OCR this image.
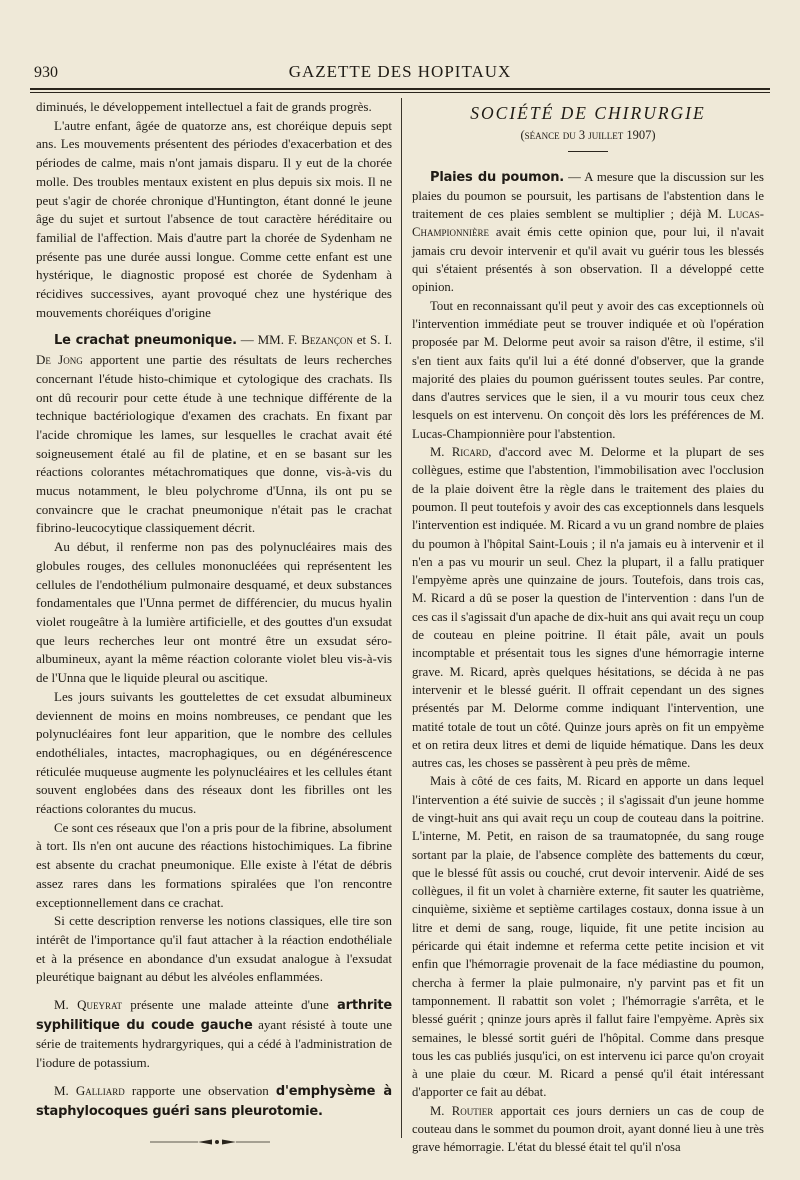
930	GAZETTE DES HOPITAUX

diminués, le développement intellectuel a fait de grands progrès.

L'autre enfant, âgée de quatorze ans, est choréique depuis sept ans. Les mouvements présentent des périodes d'exacerbation et des périodes de calme, mais n'ont jamais disparu. Il y eut de la chorée molle. Des troubles mentaux existent en plus depuis six mois. Il ne peut s'agir de chorée chronique d'Huntington, étant donné le jeune âge du sujet et surtout l'absence de tout caractère héréditaire ou familial de l'affection. Mais d'autre part la chorée de Sydenham ne présente pas une durée aussi longue. Comme cette enfant est une hystérique, le diagnostic proposé est chorée de Sydenham à récidives successives, ayant provoqué chez une hystérique des mouvements choréiques d'origine

Le crachat pneumonique. — MM. F. Bezançon et S. I. De Jong apportent une partie des résultats de leurs recherches concernant l'étude histo-chimique et cytologique des crachats. Ils ont dû recourir pour cette étude à une technique différente de la technique bactériologique d'examen des crachats. En fixant par l'acide chromique les lames, sur lesquelles le crachat avait été soigneusement étalé au fil de platine, et en se basant sur les réactions colorantes métachromatiques que donne, vis-à-vis du mucus notamment, le bleu polychrome d'Unna, ils ont pu se convaincre que le crachat pneumonique n'était pas le crachat fibrino-leucocytique classiquement décrit.

Au début, il renferme non pas des polynucléaires mais des globules rouges, des cellules mononucléées qui représentent les cellules de l'endothélium pulmonaire desquamé, et deux substances fondamentales que l'Unna permet de différencier, du mucus hyalin violet rougeâtre à la lumière artificielle, et des gouttes d'un exsudat que leurs recherches leur ont montré être un exsudat séro-albumineux, ayant la même réaction colorante violet bleu vis-à-vis de l'Unna que le liquide pleural ou ascitique.

Les jours suivants les gouttelettes de cet exsudat albumineux deviennent de moins en moins nombreuses, ce pendant que les polynucléaires font leur apparition, que le nombre des cellules endothéliales, intactes, macrophagiques, ou en dégénérescence réticulée muqueuse augmente les polynucléaires et les cellules étant souvent englobées dans des réseaux dont les fibrilles ont les réactions colorantes du mucus.

Ce sont ces réseaux que l'on a pris pour de la fibrine, absolument à tort. Ils n'en ont aucune des réactions histochimiques. La fibrine est absente du crachat pneumonique. Elle existe à l'état de débris assez rares dans les formations spiralées que l'on rencontre exceptionnellement dans ce crachat.

Si cette description renverse les notions classiques, elle tire son intérêt de l'importance qu'il faut attacher à la réaction endothéliale et à la présence en abondance d'un exsudat analogue à l'exsudat pleurétique baignant au début les alvéoles enflammées.

M. Queyrat présente une malade atteinte d'une arthrite syphilitique du coude gauche ayant résisté à toute une série de traitements hydrargyriques, qui a cédé à l'administration de l'iodure de potassium.

M. Galliard rapporte une observation d'emphysème à staphylocoques guéri sans pleurotomie.

SOCIÉTÉ DE CHIRURGIE
(séance du 3 juillet 1907)

Plaies du poumon. — A mesure que la discussion sur les plaies du poumon se poursuit, les partisans de l'abstention dans le traitement de ces plaies semblent se multiplier ; déjà M. Lucas-Championnière avait émis cette opinion que, pour lui, il n'avait jamais cru devoir intervenir et qu'il avait vu guérir tous les blessés qui s'étaient présentés à son observation. Il a développé cette opinion.

Tout en reconnaissant qu'il peut y avoir des cas exceptionnels où l'intervention immédiate peut se trouver indiquée et où l'opération proposée par M. Delorme peut avoir sa raison d'être, il estime, s'il s'en tient aux faits qu'il lui a été donné d'observer, que la grande majorité des plaies du poumon guérissent toutes seules. Par contre, dans d'autres services que le sien, il a vu mourir tous ceux chez lesquels on est intervenu. On conçoit dès lors les préférences de M. Lucas-Championnière pour l'abstention.

M. Ricard, d'accord avec M. Delorme et la plupart de ses collègues, estime que l'abstention, l'immobilisation avec l'occlusion de la plaie doivent être la règle dans le traitement des plaies du poumon. Il peut toutefois y avoir des cas exceptionnels dans lesquels l'intervention est indiquée. M. Ricard a vu un grand nombre de plaies du poumon à l'hôpital Saint-Louis ; il n'a jamais eu à intervenir et il n'en a pas vu mourir un seul. Chez la plupart, il a fallu pratiquer l'empyème après une quinzaine de jours. Toutefois, dans trois cas, M. Ricard a dû se poser la question de l'intervention : dans l'un de ces cas il s'agissait d'un apache de dix-huit ans qui avait reçu un coup de couteau en pleine poitrine. Il était pâle, avait un pouls incomptable et présentait tous les signes d'une hémorragie interne grave. M. Ricard, après quelques hésitations, se décida à ne pas intervenir et le blessé guérit. Il offrait cependant un des signes présentés par M. Delorme comme indiquant l'intervention, une matité totale de tout un côté. Quinze jours après on fit un empyème et on retira deux litres et demi de liquide hématique. Dans les deux autres cas, les choses se passèrent à peu près de même.

Mais à côté de ces faits, M. Ricard en apporte un dans lequel l'intervention a été suivie de succès ; il s'agissait d'un jeune homme de vingt-huit ans qui avait reçu un coup de couteau dans la poitrine. L'interne, M. Petit, en raison de sa traumatopnée, du sang rouge sortant par la plaie, de l'absence complète des battements du cœur, que le blessé fût assis ou couché, crut devoir intervenir. Aidé de ses collègues, il fit un volet à charnière externe, fit sauter les quatrième, cinquième, sixième et septième cartilages costaux, donna issue à un litre et demi de sang, rouge, liquide, fit une petite incision au péricarde qui était indemne et referma cette petite incision et vit enfin que l'hémorragie provenait de la face médiastine du poumon, chercha à fermer la plaie pulmonaire, n'y parvint pas et fit un tamponnement. Il rabattit son volet ; l'hémorragie s'arrêta, et le blessé guérit ; qninze jours après il fallut faire l'empyème. Après six semaines, le blessé sortit guéri de l'hôpital. Comme dans presque tous les cas publiés jusqu'ici, on est intervenu ici parce qu'on croyait à une plaie du cœur. M. Ricard a pensé qu'il était intéressant d'apporter ce fait au débat.

M. Routier apportait ces jours derniers un cas de coup de couteau dans le sommet du poumon droit, ayant donné lieu à une très grave hémorragie. L'état du blessé était tel qu'il n'osa
